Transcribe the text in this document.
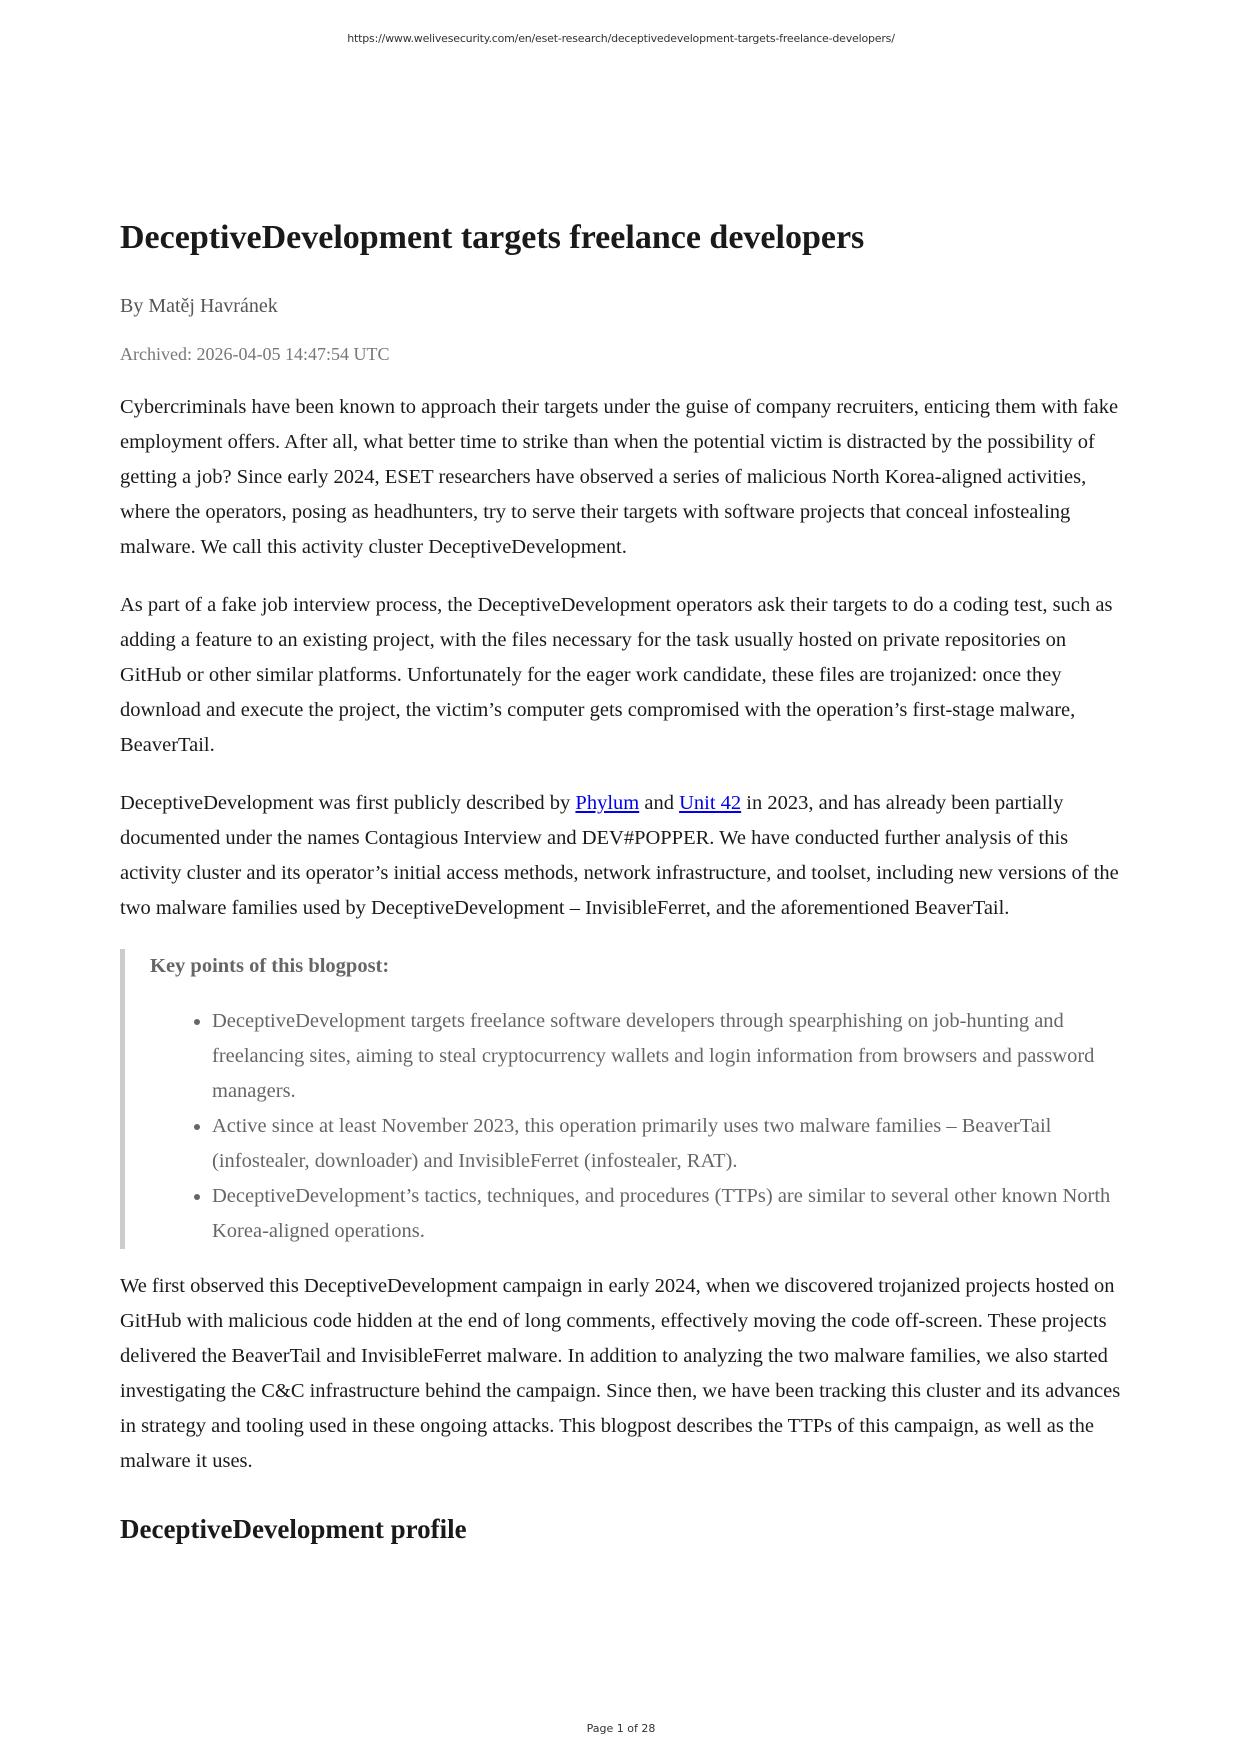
https://www.welivesecurity.com/en/eset-research/deceptivedevelopment-targets-freelance-developers/
DeceptiveDevelopment targets freelance developers
By Matěj Havránek
Archived: 2026-04-05 14:47:54 UTC

Cybercriminals have been known to approach their targets under the guise of company recruiters, enticing them with fake employment offers. After all, what better time to strike than when the potential victim is distracted by the possibility of getting a job? Since early 2024, ESET researchers have observed a series of malicious North Korea-aligned activities, where the operators, posing as headhunters, try to serve their targets with software projects that conceal infostealing malware. We call this activity cluster DeceptiveDevelopment.

As part of a fake job interview process, the DeceptiveDevelopment operators ask their targets to do a coding test, such as adding a feature to an existing project, with the files necessary for the task usually hosted on private repositories on GitHub or other similar platforms. Unfortunately for the eager work candidate, these files are trojanized: once they download and execute the project, the victim’s computer gets compromised with the operation’s first-stage malware, BeaverTail.

DeceptiveDevelopment was first publicly described by Phylum and Unit 42 in 2023, and has already been partially documented under the names Contagious Interview and DEV#POPPER. We have conducted further analysis of this activity cluster and its operator’s initial access methods, network infrastructure, and toolset, including new versions of the two malware families used by DeceptiveDevelopment – InvisibleFerret, and the aforementioned BeaverTail.

Key points of this blogpost:
• DeceptiveDevelopment targets freelance software developers through spearphishing on job-hunting and freelancing sites, aiming to steal cryptocurrency wallets and login information from browsers and password managers.
• Active since at least November 2023, this operation primarily uses two malware families – BeaverTail (infostealer, downloader) and InvisibleFerret (infostealer, RAT).
• DeceptiveDevelopment’s tactics, techniques, and procedures (TTPs) are similar to several other known North Korea-aligned operations.

We first observed this DeceptiveDevelopment campaign in early 2024, when we discovered trojanized projects hosted on GitHub with malicious code hidden at the end of long comments, effectively moving the code off-screen. These projects delivered the BeaverTail and InvisibleFerret malware. In addition to analyzing the two malware families, we also started investigating the C&C infrastructure behind the campaign. Since then, we have been tracking this cluster and its advances in strategy and tooling used in these ongoing attacks. This blogpost describes the TTPs of this campaign, as well as the malware it uses.

DeceptiveDevelopment profile
Page 1 of 28
